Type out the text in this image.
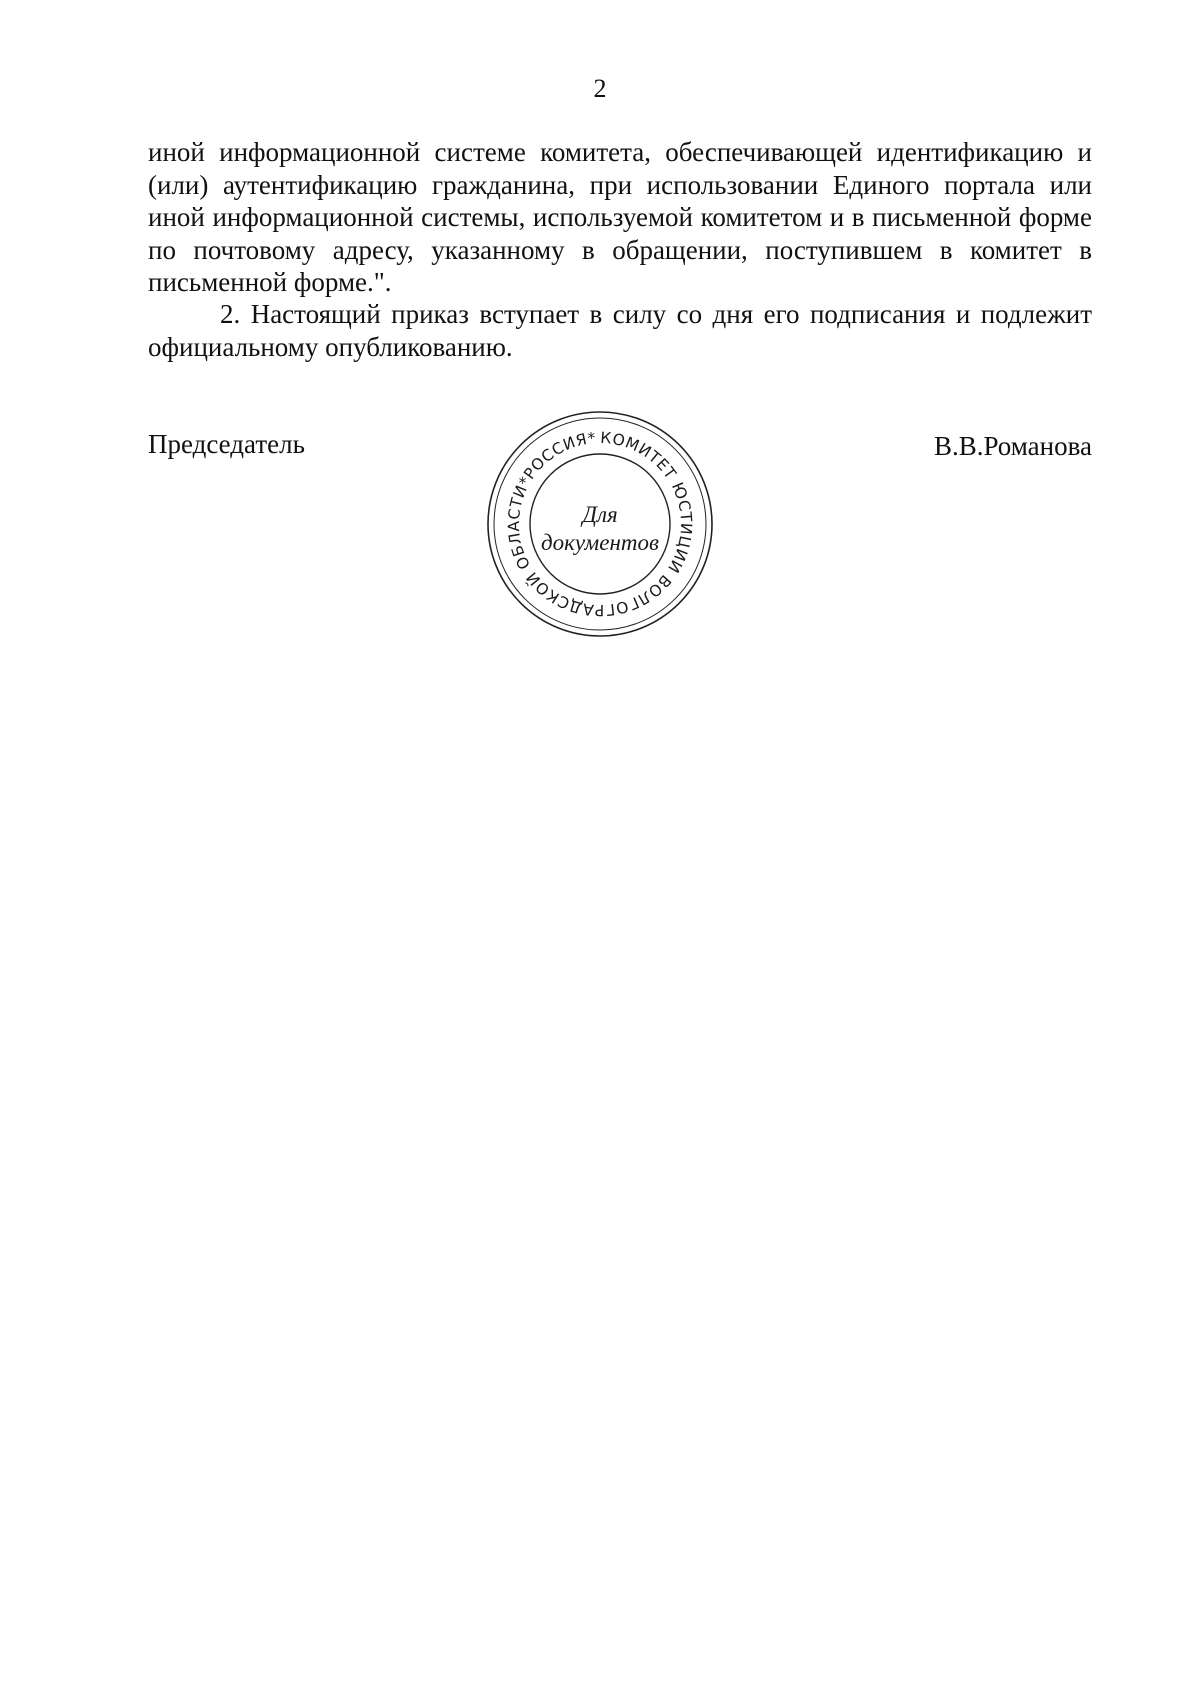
2

иной информационной системе комитета, обеспечивающей идентификацию и (или) аутентификацию гражданина, при использовании Единого портала или иной информационной системы, используемой комитетом и в письменной форме по почтовому адресу, указанному в обращении, поступившем в комитет в письменной форме.".

2. Настоящий приказ вступает в силу со дня его подписания и подлежит официальному опубликованию.

Председатель	КОМИТЕТ ЮСТИЦИИ ВОЛГОГРАДСКОЙ ОБЛАСТИ*РОССИЯ*
Для
документов
В.В.Романова
